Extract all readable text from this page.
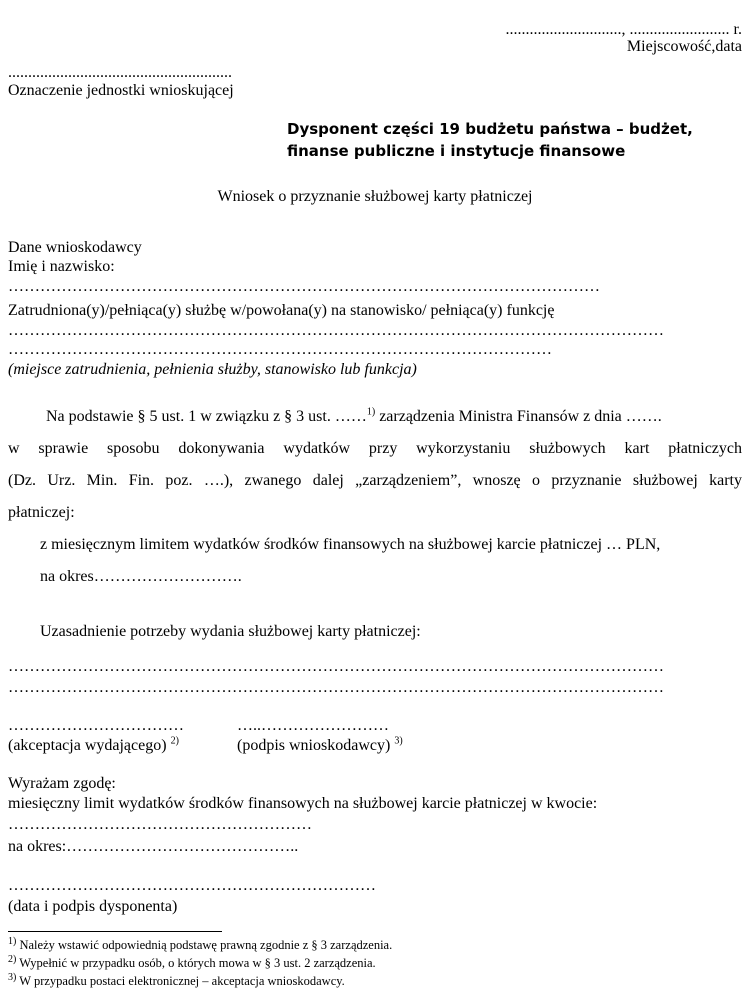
............................., ......................... r.
Miejscowość,data
........................................................
Oznaczenie jednostki wnioskującej
Dysponent części 19 budżetu państwa – budżet,
finanse publiczne i instytucje finansowe
Wniosek o przyznanie służbowej karty płatniczej
Dane wnioskodawcy
Imię i nazwisko:
…………………………………………………………………………………………………
Zatrudniona(y)/pełniąca(y) służbę w/powołana(y) na stanowisko/ pełniąca(y) funkcję
……………………………………………………………………………………………………………
…………………………………………………………………………………………
(miejsce zatrudnienia, pełnienia służby, stanowisko lub funkcja)
Na podstawie § 5 ust. 1 w związku z § 3 ust. ……$^{1)}$ zarządzenia Ministra Finansów z dnia …….
w sprawie sposobu dokonywania wydatków przy wykorzystaniu służbowych kart płatniczych
(Dz. Urz. Min. Fin. poz. ….), zwanego dalej „zarządzeniem”, wnoszę o przyznanie służbowej karty
płatniczej:
z miesięcznym limitem wydatków środków finansowych na służbowej karcie płatniczej … PLN,
na okres……………………….
Uzasadnienie potrzeby wydania służbowej karty płatniczej:
……………………………………………………………………………………………………………
……………………………………………………………………………………………………………
……………………………
(akceptacja wydającego) $^{2)}$
…..……………………
(podpis wnioskodawcy) $^{3)}$
Wyrażam zgodę:
miesięczny limit wydatków środków finansowych na służbowej karcie płatniczej w kwocie:
…………………………………………………
na okres:……………………………………..
……………………………………………………………
(data i podpis dysponenta)
$^{1)}$ Należy wstawić odpowiednią podstawę prawną zgodnie z § 3 zarządzenia.
$^{2)}$ Wypełnić w przypadku osób, o których mowa w § 3 ust. 2 zarządzenia.
$^{3)}$ W przypadku postaci elektronicznej – akceptacja wnioskodawcy.
